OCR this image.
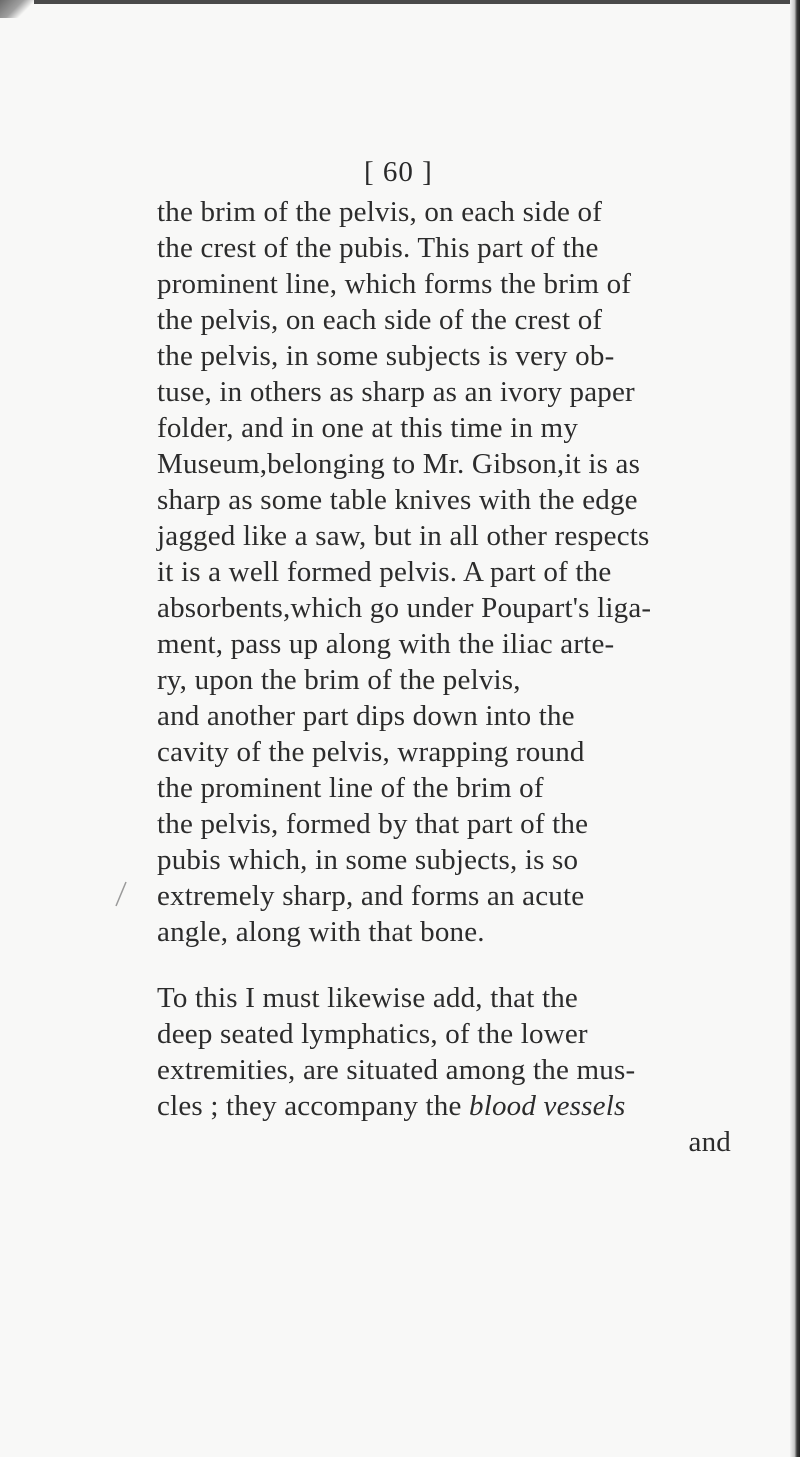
[ 60 ]
the brim of the pelvis, on each side of
the crest of the pubis. This part of the
prominent line, which forms the brim of
the pelvis, on each side of the crest of
the pelvis, in some subjects is very ob-
tuse, in others as sharp as an ivory paper
folder, and in one at this time in my
Museum,belonging to Mr. Gibson,it is as
sharp as some table knives with the edge
jagged like a saw, but in all other respects
it is a well formed pelvis. A part of the
absorbents,which go under Poupart's liga-
ment, pass up along with the iliac arte-
ry, upon the brim of the pelvis,
and another part dips down into the
cavity of the pelvis, wrapping round
the prominent line of the brim of
the pelvis, formed by that part of the
pubis which, in some subjects, is so
extremely sharp, and forms an acute
angle, along with that bone.
To this I must likewise add, that the
deep seated lymphatics, of the lower
extremities, are situated among the mus-
cles ; they accompany the blood vessels
and
